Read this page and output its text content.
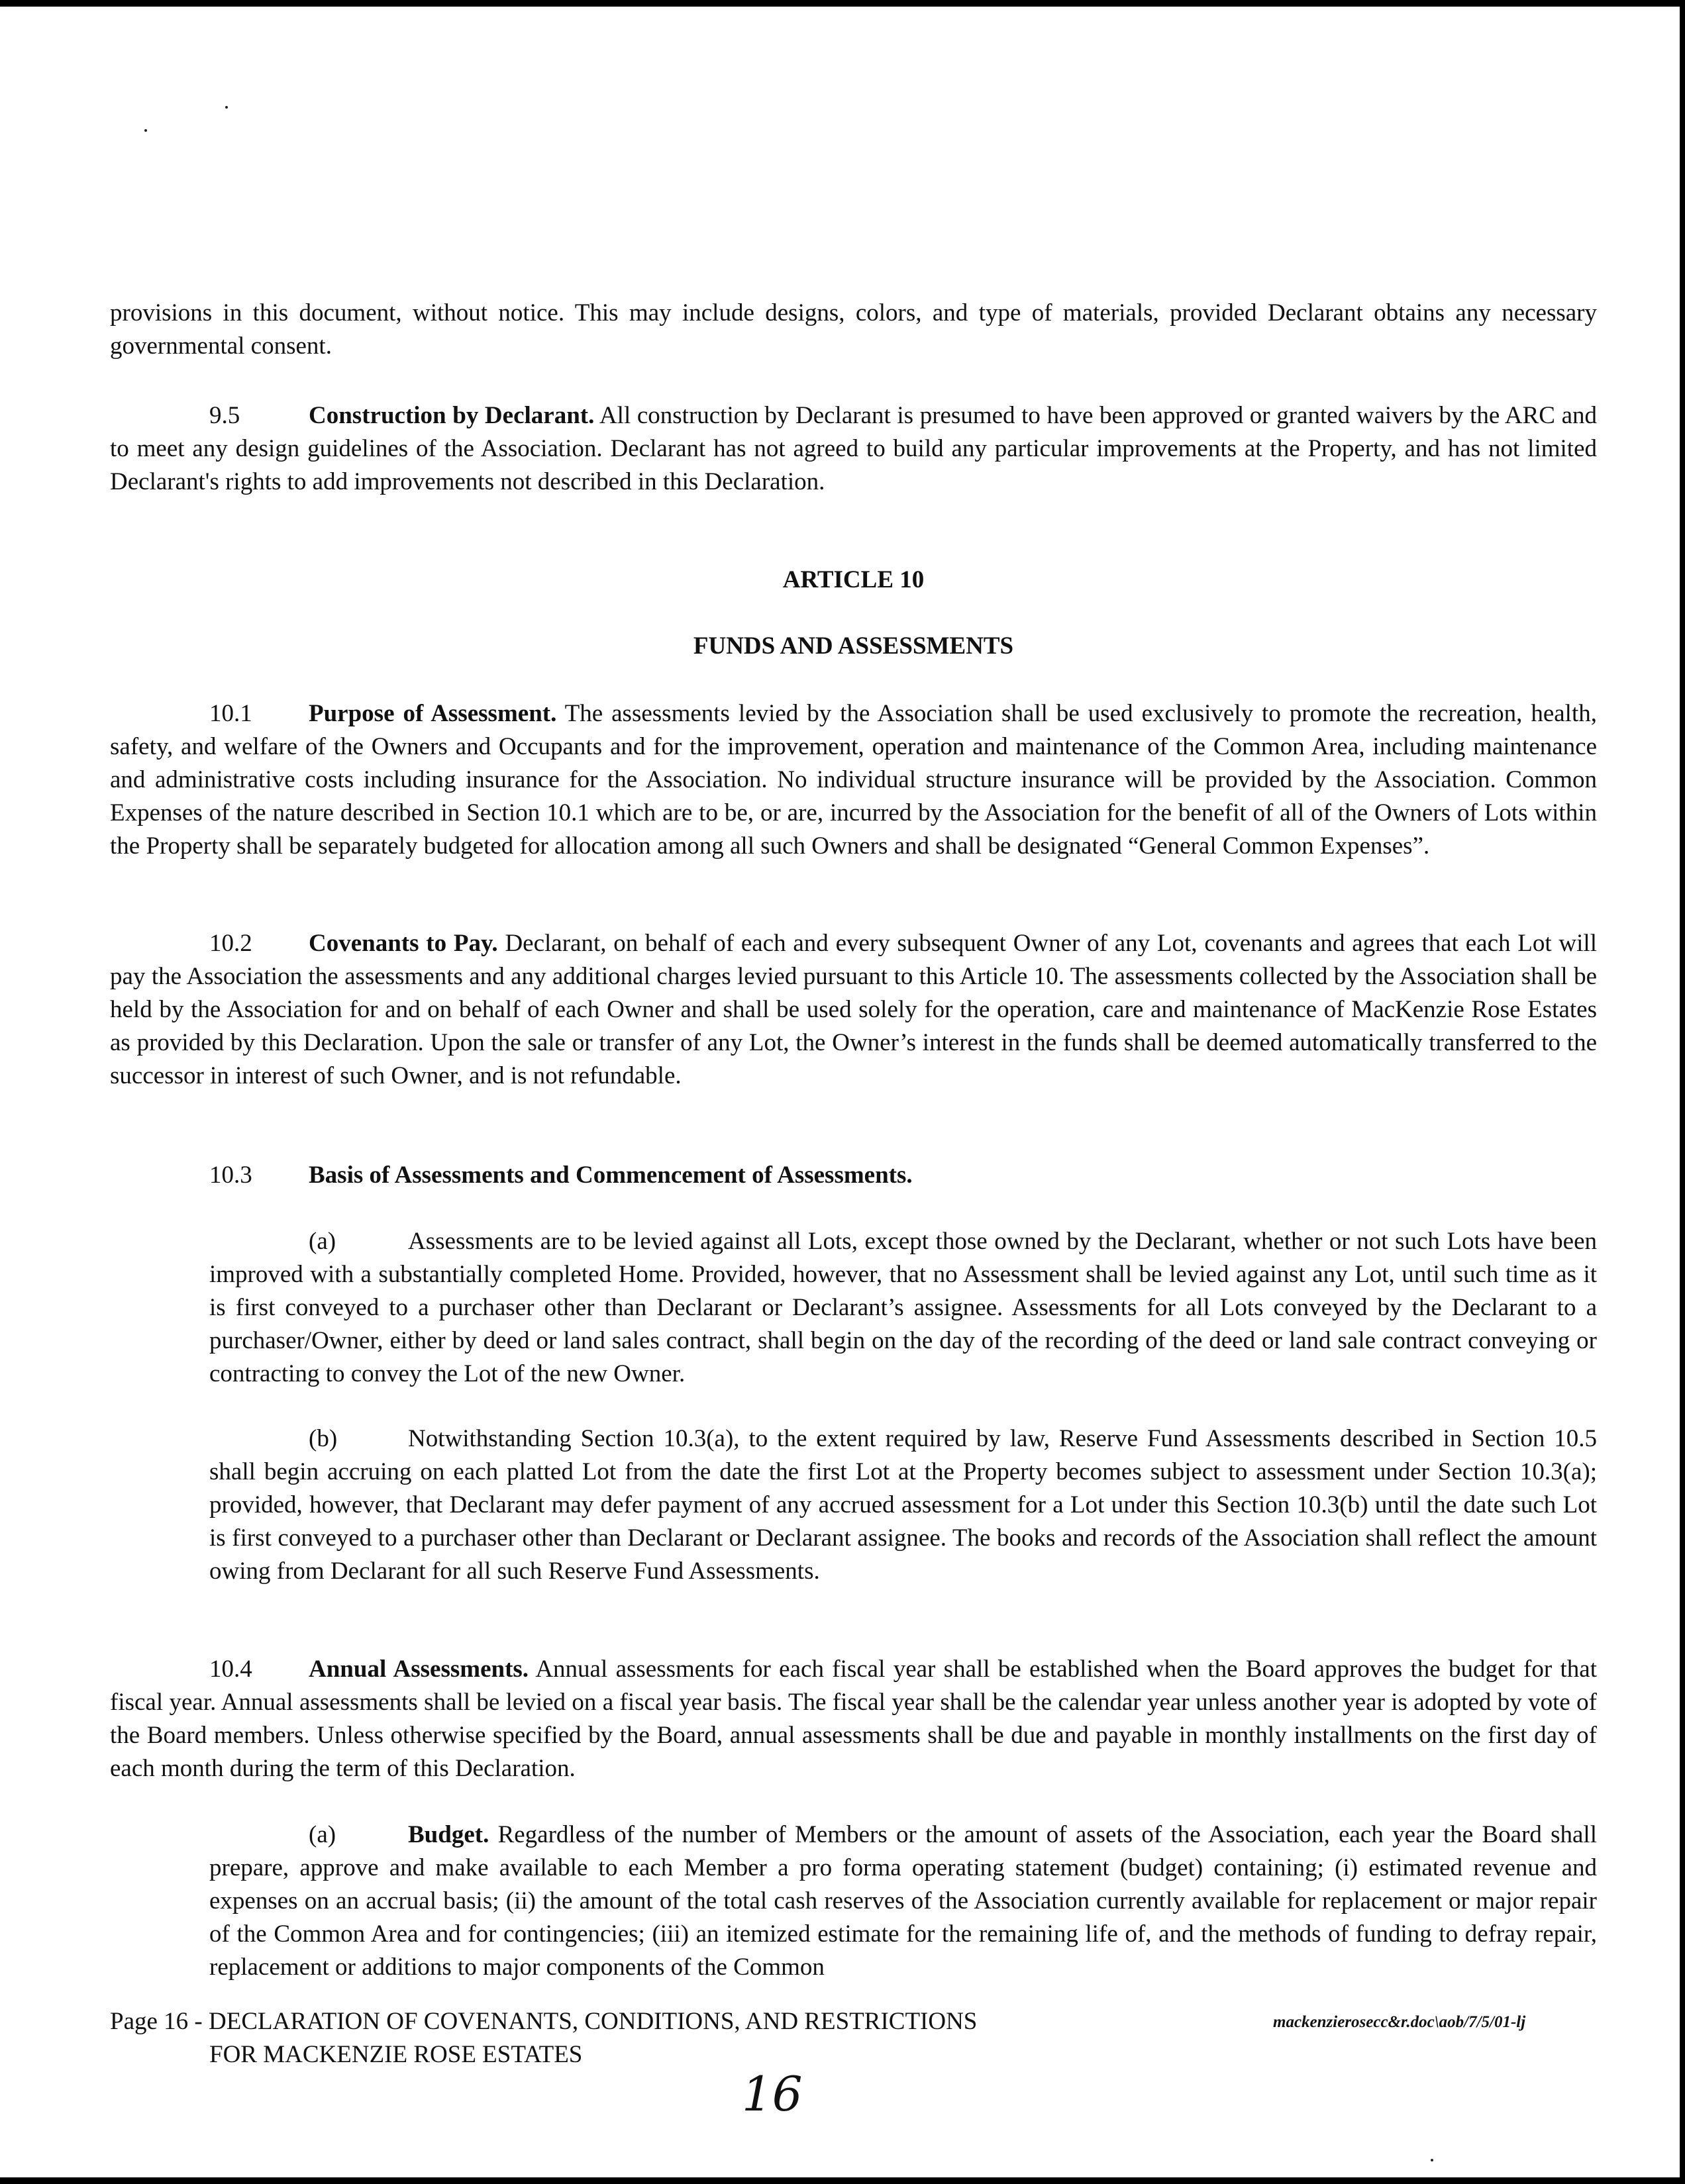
provisions in this document, without notice. This may include designs, colors, and type of materials, provided Declarant obtains any necessary governmental consent.

9.5	Construction by Declarant. All construction by Declarant is presumed to have been approved or granted waivers by the ARC and to meet any design guidelines of the Association. Declarant has not agreed to build any particular improvements at the Property, and has not limited Declarant's rights to add improvements not described in this Declaration.

ARTICLE 10

FUNDS AND ASSESSMENTS

10.1 Purpose of Assessment. The assessments levied by the Association shall be used exclusively to promote the recreation, health, safety, and welfare of the Owners and Occupants and for the improvement, operation and maintenance of the Common Area, including maintenance and administrative costs including insurance for the Association. No individual structure insurance will be provided by the Association. Common Expenses of the nature described in Section 10.1 which are to be, or are, incurred by the Association for the benefit of all of the Owners of Lots within the Property shall be separately budgeted for allocation among all such Owners and shall be designated “General Common Expenses”.

10.2 Covenants to Pay. Declarant, on behalf of each and every subsequent Owner of any Lot, covenants and agrees that each Lot will pay the Association the assessments and any additional charges levied pursuant to this Article 10. The assessments collected by the Association shall be held by the Association for and on behalf of each Owner and shall be used solely for the operation, care and maintenance of MacKenzie Rose Estates as provided by this Declaration. Upon the sale or transfer of any Lot, the Owner’s interest in the funds shall be deemed automatically transferred to the successor in interest of such Owner, and is not refundable.

10.3 Basis of Assessments and Commencement of Assessments.

(a)	Assessments are to be levied against all Lots, except those owned by the Declarant, whether or not such Lots have been improved with a substantially completed Home. Provided, however, that no Assessment shall be levied against any Lot, until such time as it is first conveyed to a purchaser other than Declarant or Declarant’s assignee. Assessments for all Lots conveyed by the Declarant to a purchaser/Owner, either by deed or land sales contract, shall begin on the day of the recording of the deed or land sale contract conveying or contracting to convey the Lot of the new Owner.

(b)	Notwithstanding Section 10.3(a), to the extent required by law, Reserve Fund Assessments described in Section 10.5 shall begin accruing on each platted Lot from the date the first Lot at the Property becomes subject to assessment under Section 10.3(a); provided, however, that Declarant may defer payment of any accrued assessment for a Lot under this Section 10.3(b) until the date such Lot is first conveyed to a purchaser other than Declarant or Declarant assignee. The books and records of the Association shall reflect the amount owing from Declarant for all such Reserve Fund Assessments.

10.4 Annual Assessments. Annual assessments for each fiscal year shall be established when the Board approves the budget for that fiscal year. Annual assessments shall be levied on a fiscal year basis. The fiscal year shall be the calendar year unless another year is adopted by vote of the Board members. Unless otherwise specified by the Board, annual assessments shall be due and payable in monthly installments on the first day of each month during the term of this Declaration.

(a)	Budget. Regardless of the number of Members or the amount of assets of the Association, each year the Board shall prepare, approve and make available to each Member a pro forma operating statement (budget) containing; (i) estimated revenue and expenses on an accrual basis; (ii) the amount of the total cash reserves of the Association currently available for replacement or major repair of the Common Area and for contingencies; (iii) an itemized estimate for the remaining life of, and the methods of funding to defray repair, replacement or additions to major components of the Common

Page 16 - DECLARATION OF COVENANTS, CONDITIONS, AND RESTRICTIONS
FOR MACKENZIE ROSE ESTATES
mackenzierosecc&r.doc\aob/7/5/01-lj
16
